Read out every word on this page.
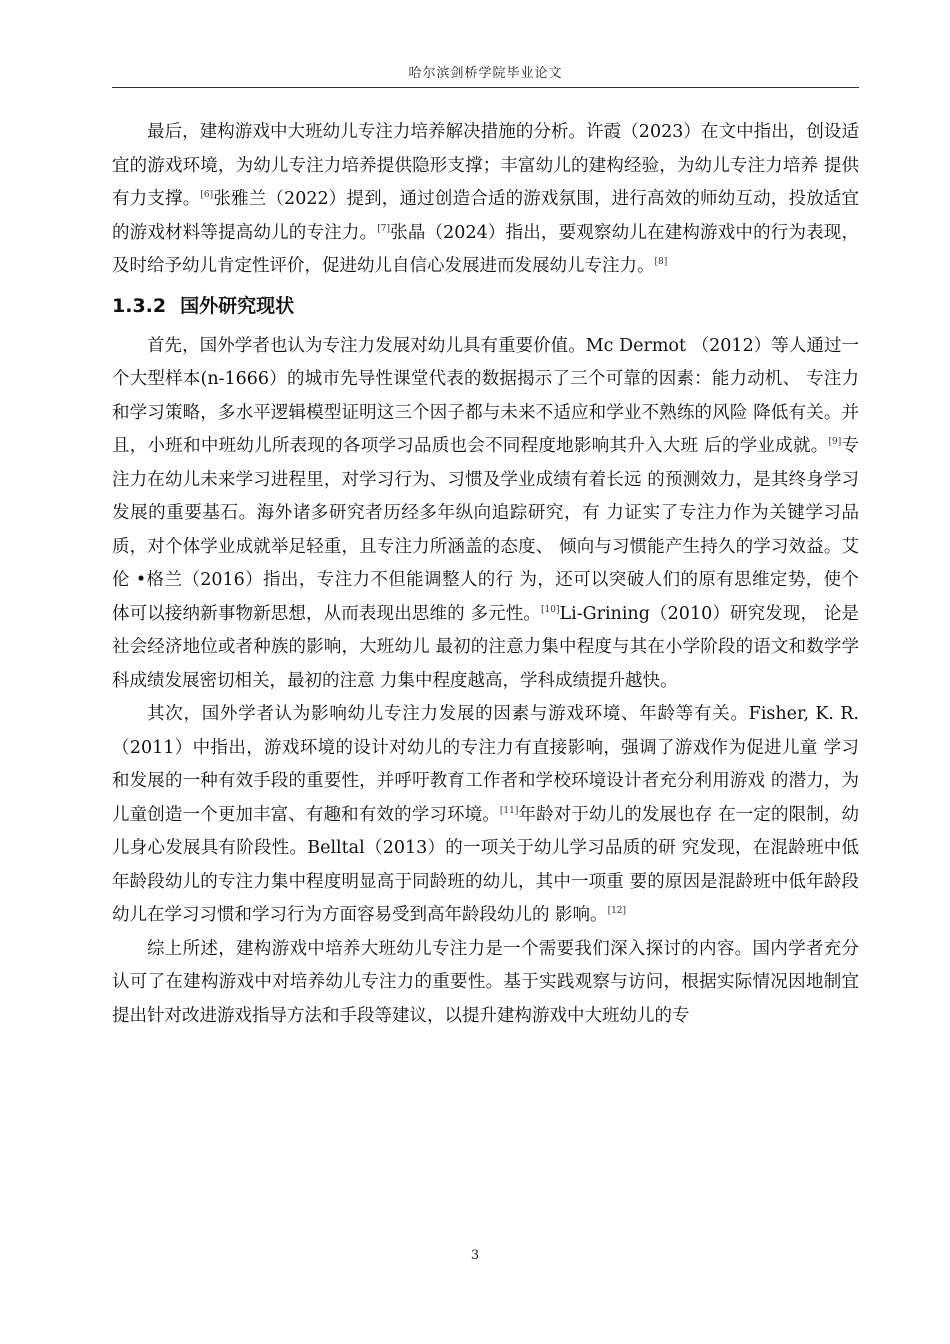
哈尔滨剑桥学院毕业论文

最后，建构游戏中大班幼儿专注力培养解决措施的分析。许霞（2023）在文中指出，创设适宜的游戏环境，为幼儿专注力培养提供隐形支撑；丰富幼儿的建构经验，为幼儿专注力培养 提供有力支撑。[6]张雅兰（2022）提到，通过创造合适的游戏氛围，进行高效的师幼互动，投放适宜的游戏材料等提高幼儿的专注力。[7]张晶（2024）指出，要观察幼儿在建构游戏中的行为表现，及时给予幼儿肯定性评价，促进幼儿自信心发展进而发展幼儿专注力。[8]

1.3.2 国外研究现状

首先，国外学者也认为专注力发展对幼儿具有重要价值。Mc Dermot （2012）等人通过一个大型样本(n-1666）的城市先导性课堂代表的数据揭示了三个可靠的因素：能力动机、 专注力和学习策略，多水平逻辑模型证明这三个因子都与未来不适应和学业不熟练的风险 降低有关。并且，小班和中班幼儿所表现的各项学习品质也会不同程度地影响其升入大班 后的学业成就。[9]专注力在幼儿未来学习进程里，对学习行为、习惯及学业成绩有着长远 的预测效力，是其终身学习发展的重要基石。海外诸多研究者历经多年纵向追踪研究，有 力证实了专注力作为关键学习品质，对个体学业成就举足轻重，且专注力所涵盖的态度、 倾向与习惯能产生持久的学习效益。艾伦 •格兰（2016）指出，专注力不但能调整人的行 为，还可以突破人们的原有思维定势，使个体可以接纳新事物新思想，从而表现出思维的 多元性。[10]Li-Grining（2010）研究发现， 论是社会经济地位或者种族的影响，大班幼儿 最初的注意力集中程度与其在小学阶段的语文和数学学科成绩发展密切相关，最初的注意 力集中程度越高，学科成绩提升越快。

其次，国外学者认为影响幼儿专注力发展的因素与游戏环境、年龄等有关。Fisher, K. R. （2011）中指出，游戏环境的设计对幼儿的专注力有直接影响，强调了游戏作为促进儿童 学习和发展的一种有效手段的重要性，并呼吁教育工作者和学校环境设计者充分利用游戏 的潜力，为儿童创造一个更加丰富、有趣和有效的学习环境。[11]年龄对于幼儿的发展也存 在一定的限制，幼儿身心发展具有阶段性。Belltal（2013）的一项关于幼儿学习品质的研 究发现，在混龄班中低年龄段幼儿的专注力集中程度明显高于同龄班的幼儿，其中一项重 要的原因是混龄班中低年龄段幼儿在学习习惯和学习行为方面容易受到高年龄段幼儿的 影响。[12]

综上所述，建构游戏中培养大班幼儿专注力是一个需要我们深入探讨的内容。国内学者充分认可了在建构游戏中对培养幼儿专注力的重要性。基于实践观察与访问，根据实际情况因地制宜提出针对改进游戏指导方法和手段等建议，以提升建构游戏中大班幼儿的专

3
